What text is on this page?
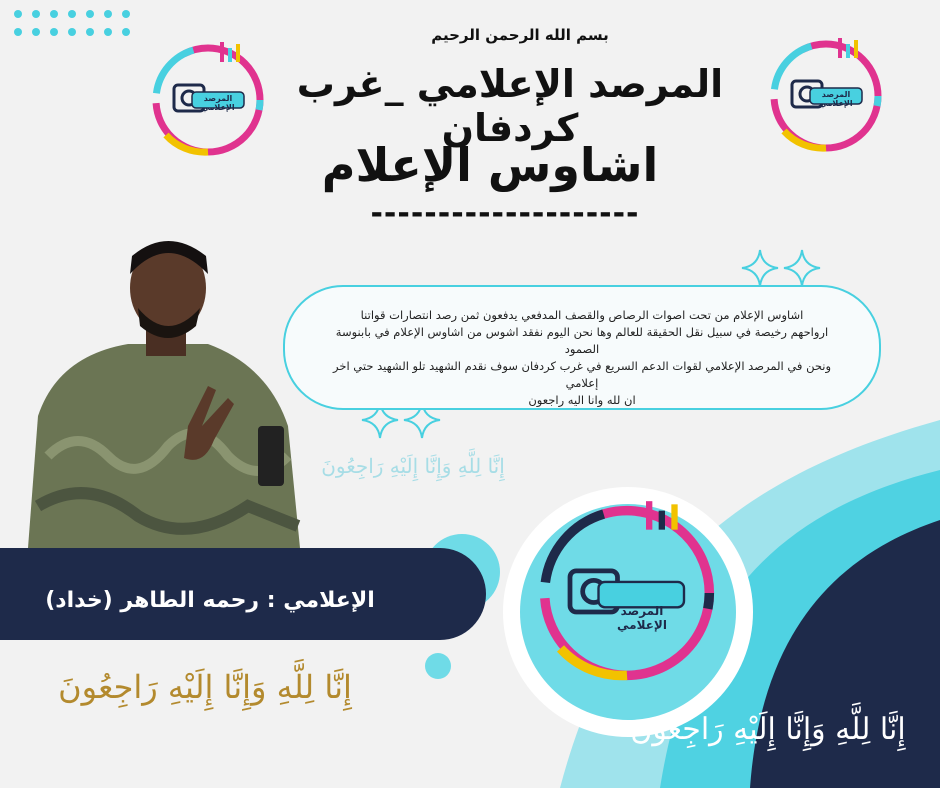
بسم الله الرحمن الرحيم
المرصد الإعلامي _غرب كردفان
اشاوس الإعلام
--------------------
المرصد الإعلامي
المرصد الإعلامي

اشاوس الإعلام من تحت اصوات الرصاص والقصف المدفعي يدفعون ثمن رصد انتصارات قواتنا

ارواحهم رخيصة في سبيل نقل الحقيقة للعالم وها نحن اليوم نفقد اشوس من اشاوس الإعلام في بابنوسة الصمود

ونحن في المرصد الإعلامي لقوات الدعم السريع في غرب كردفان سوف نقدم الشهيد تلو الشهيد حتي اخر إعلامي

ان لله وانا اليه راجعون

إِنَّا لِلَّهِ وَإِنَّا إِلَيْهِ رَاجِعُونَ
الإعلامي : رحمه الطاهر (خداد)	المرصد الإعلامي
إِنَّا لِلَّهِ وَإِنَّا إِلَيْهِ رَاجِعُونَ
إِنَّا لِلَّهِ وَإِنَّا إِلَيْهِ رَاجِعُونَ
